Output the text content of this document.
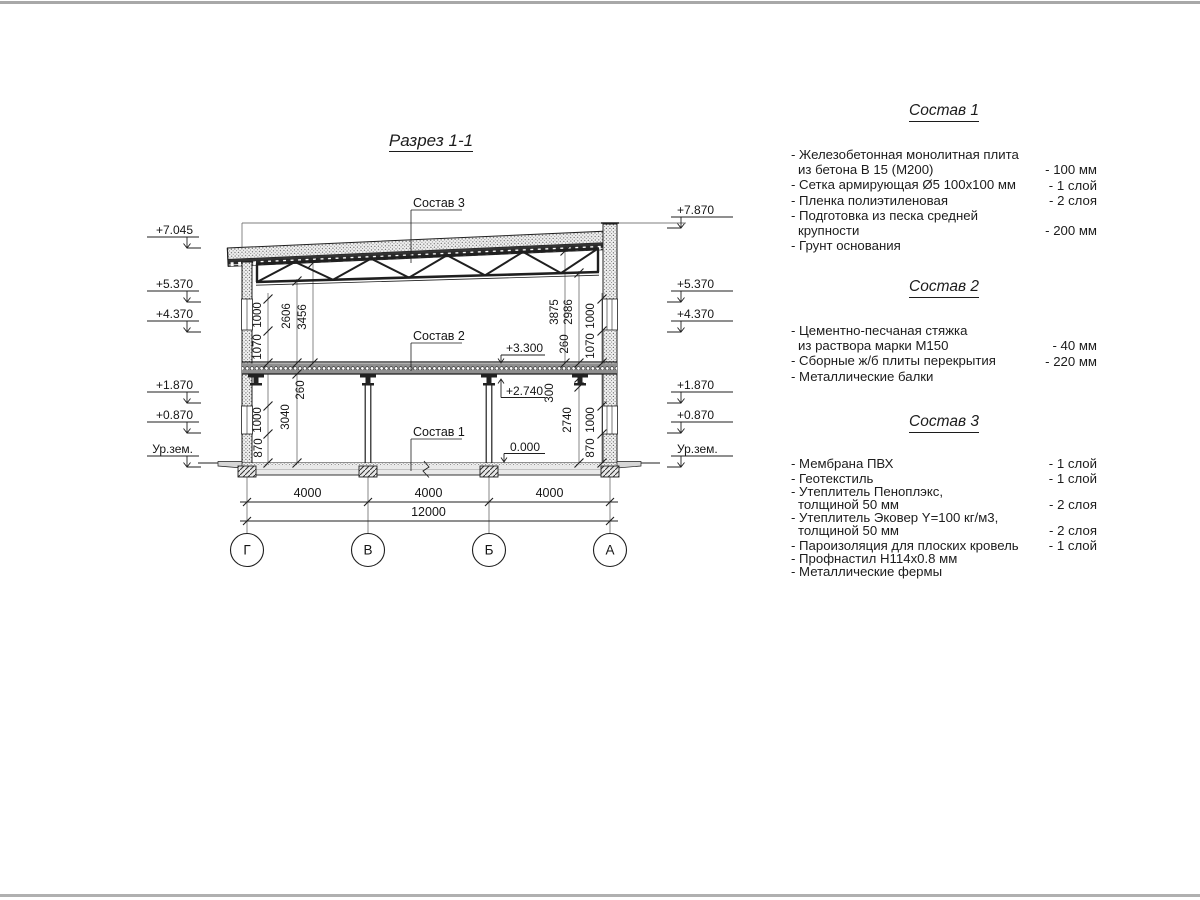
Разрез 1-1
Состав 3
Состав 2
Состав 1
+3.300
+2.740
0.000
+7.045
+5.370
+4.370
+1.870
+0.870
Ур.зем.
+7.870
+5.370
+4.370
+1.870
+0.870
Ур.зем.
1000
1070
2606 3456
1000
870
3040
260
3875 2986 1000
1070
260
300
2740 1000
870
4000	4000	4000
12000
Г	В	Б	А
Состав 1
- Железобетонная монолитная плита
из бетона В 15 (М200)	- 100 мм
- Сетка армирующая Ø5 100x100 мм	- 1 слой
- Пленка полиэтиленовая	- 2 слоя
- Подготовка из песка средней
крупности	- 200 мм
- Грунт основания
Состав 2
- Цементно-песчаная стяжка
из раствора марки М150	- 40 мм
- Сборные ж/б плиты перекрытия	- 220 мм
- Металлические балки
Состав 3
- Мембрана ПВХ	- 1 слой
- Геотекстиль	- 1 слой
- Утеплитель Пеноплэкс,
толщиной 50 мм	- 2 слоя
- Утеплитель Эковер Y=100 кг/м3,
толщиной 50 мм	- 2 слоя
- Пароизоляция для плоских кровель	- 1 слой
- Профнастил Н114х0.8 мм
- Металлические фермы
